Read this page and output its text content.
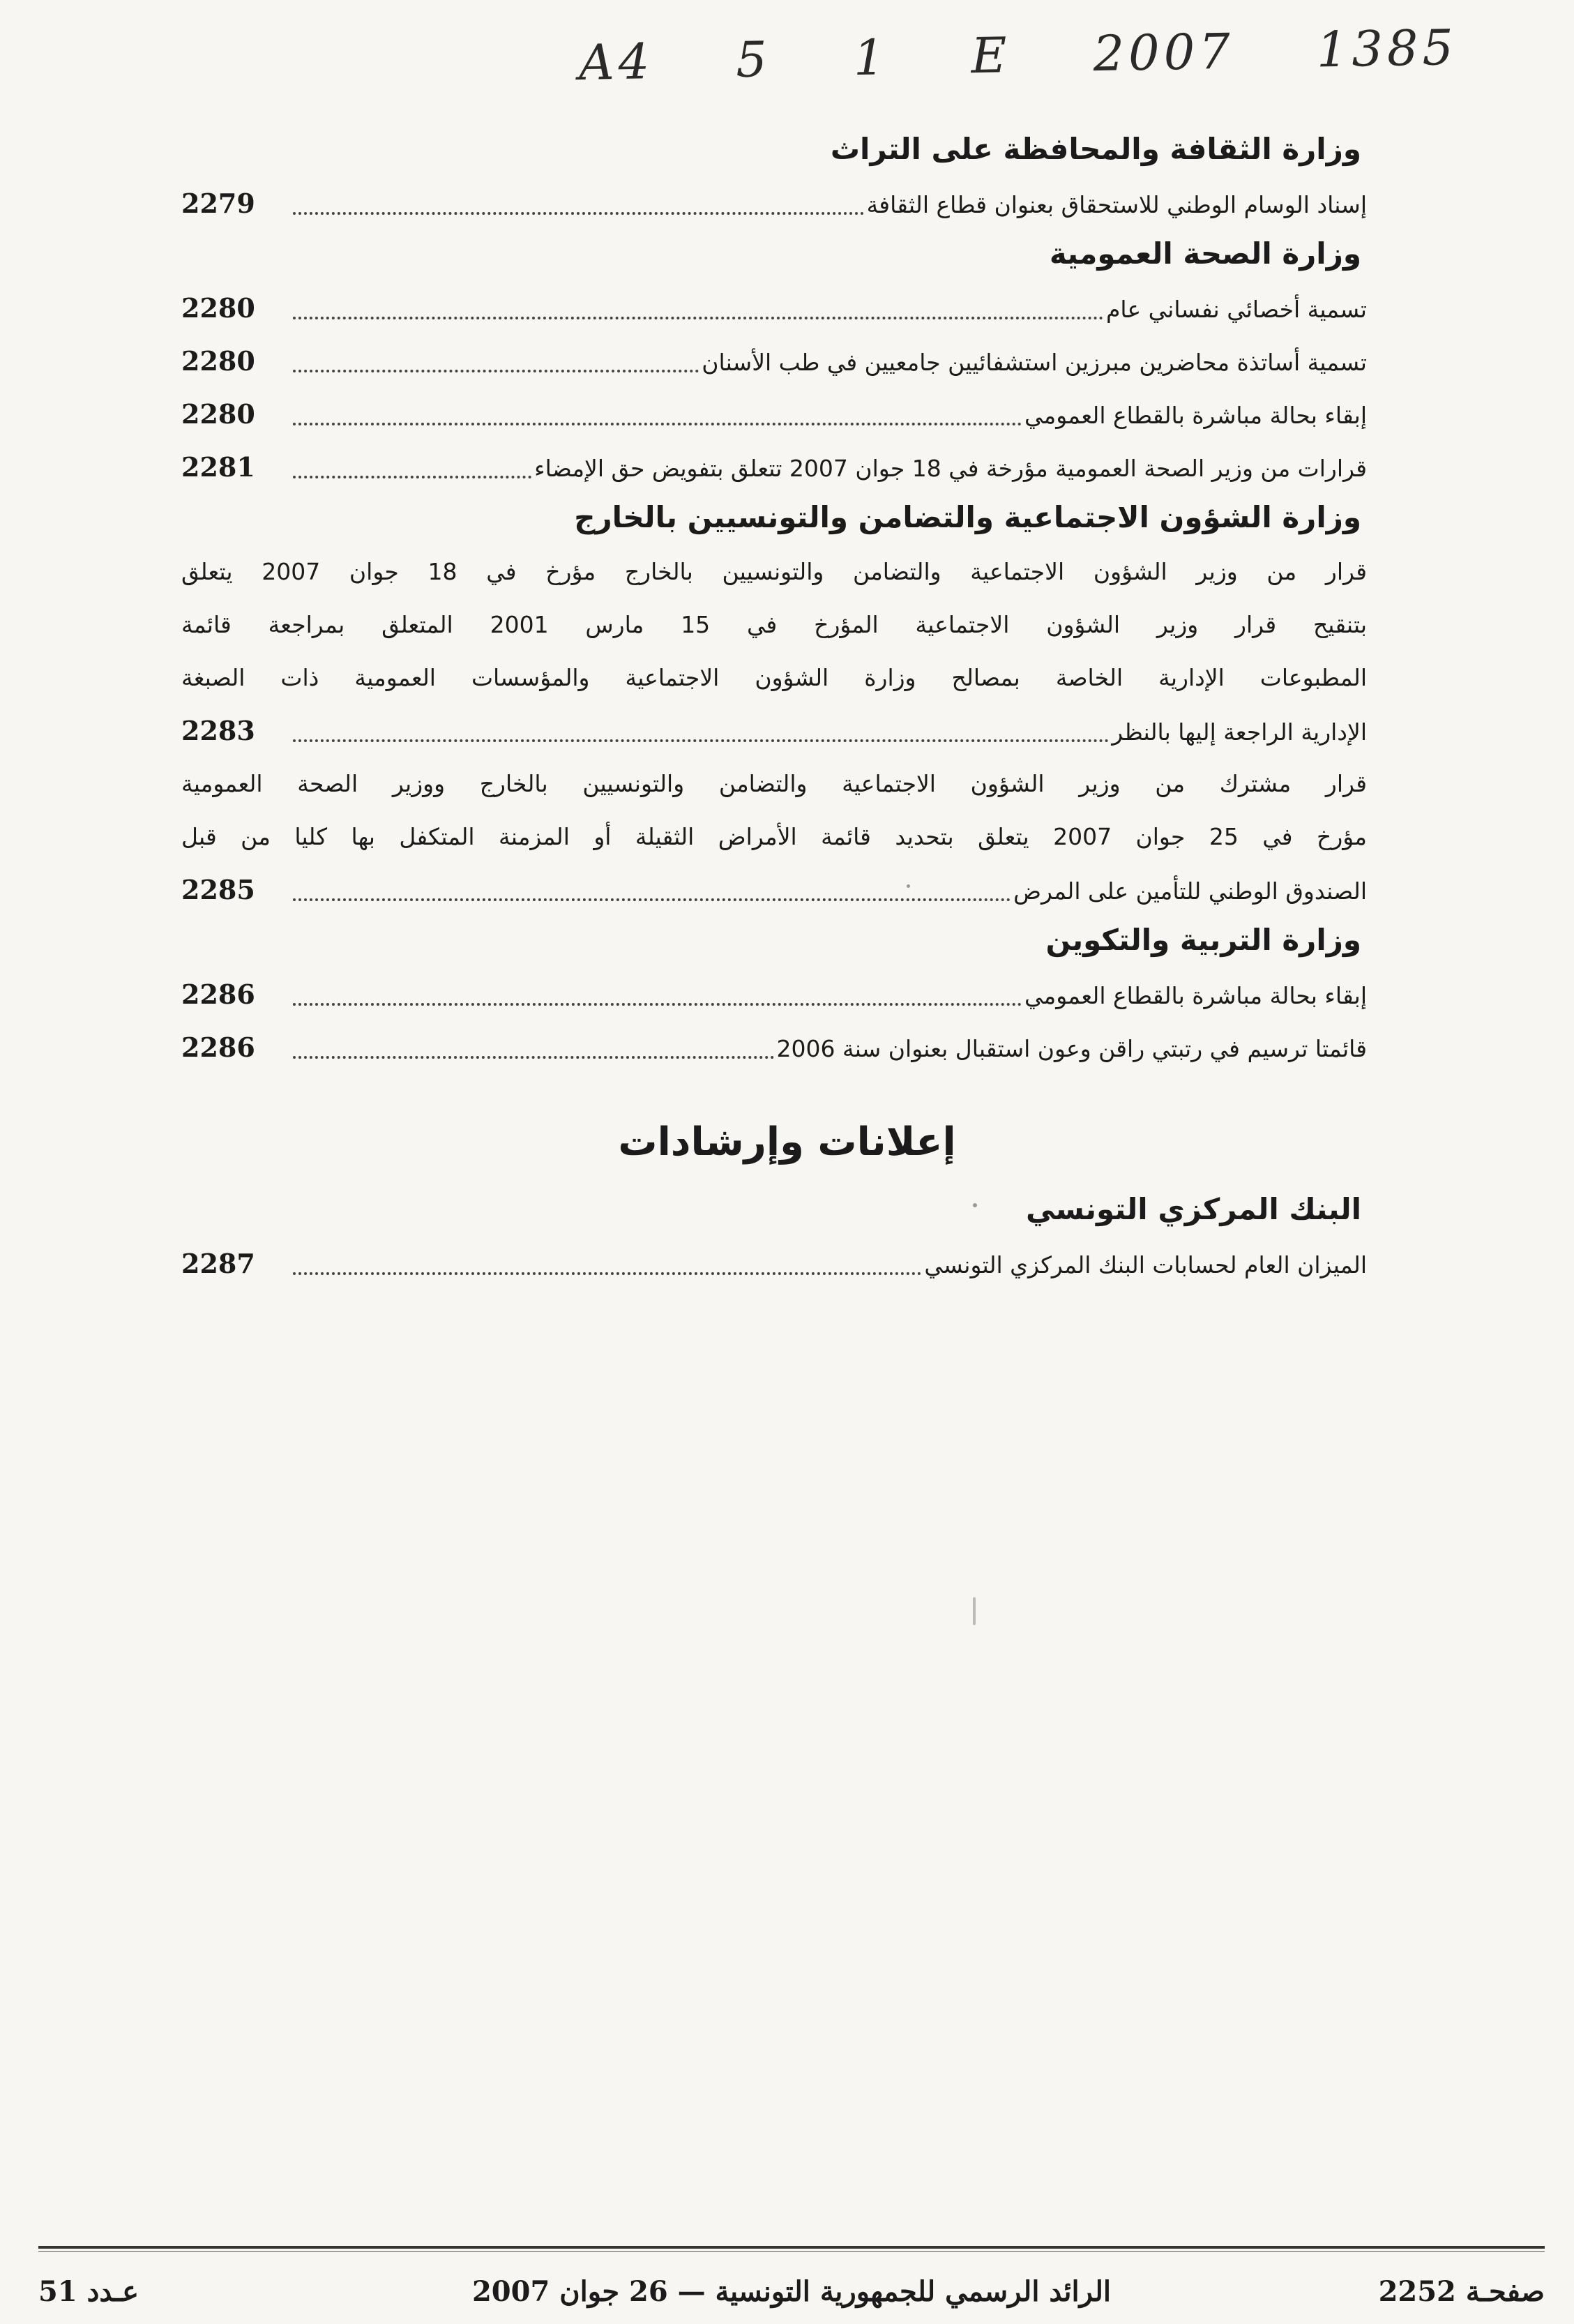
A4 5 1 E 2007 1385
وزارة الثقافة والمحافظة على التراث
إسناد الوسام الوطني للاستحقاق بعنوان قطاع الثقافة
2279
وزارة الصحة العمومية
تسمية أخصائي نفساني عام
2280
تسمية أساتذة محاضرين مبرزين استشفائيين جامعيين في طب الأسنان
2280
إبقاء بحالة مباشرة بالقطاع العمومي
2280
قرارات من وزير الصحة العمومية مؤرخة في 18 جوان 2007 تتعلق بتفويض حق الإمضاء
2281
وزارة الشؤون الاجتماعية والتضامن والتونسيين بالخارج
قرار من وزير الشؤون الاجتماعية والتضامن والتونسيين بالخارج مؤرخ في 18 جوان 2007 يتعلق
بتنقيح قرار وزير الشؤون الاجتماعية المؤرخ في 15 مارس 2001 المتعلق بمراجعة قائمة
المطبوعات الإدارية الخاصة بمصالح وزارة الشؤون الاجتماعية والمؤسسات العمومية ذات الصبغة
الإدارية الراجعة إليها بالنظر
2283
قرار مشترك من وزير الشؤون الاجتماعية والتضامن والتونسيين بالخارج ووزير الصحة العمومية
مؤرخ في 25 جوان 2007 يتعلق بتحديد قائمة الأمراض الثقيلة أو المزمنة المتكفل بها كليا من قبل
الصندوق الوطني للتأمين على المرض
2285
وزارة التربية والتكوين
إبقاء بحالة مباشرة بالقطاع العمومي
2286
قائمتا ترسيم في رتبتي راقن وعون استقبال بعنوان سنة 2006
2286
إعلانات وإرشادات
البنك المركزي التونسي
الميزان العام لحسابات البنك المركزي التونسي
2287
الرائد الرسمي للجمهورية التونسية — 26 جوان 2007	صفحـة 2252
عـدد 51
